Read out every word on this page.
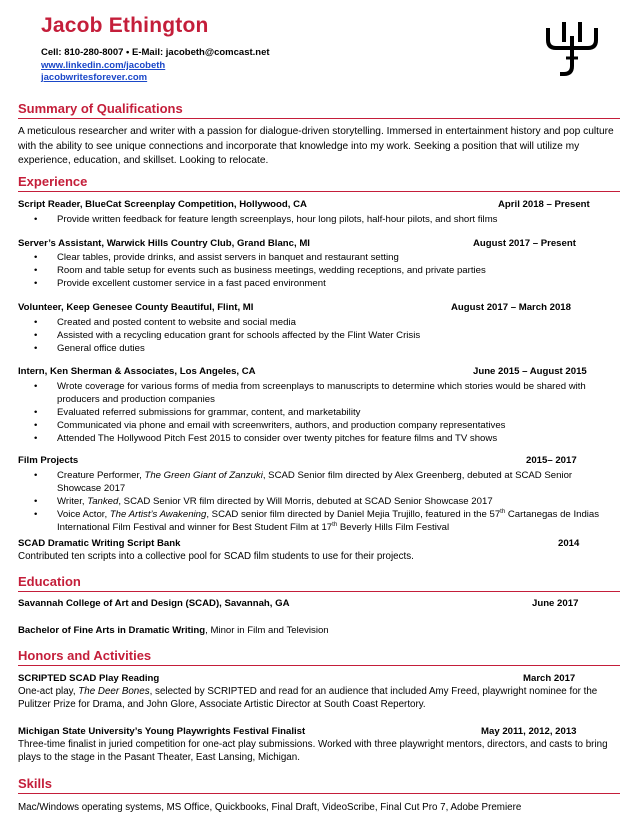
Jacob Ethington
Cell: 810-280-8007 • E-Mail: jacobeth@comcast.net
www.linkedin.com/jacobeth
jacobwritesforever.com
Summary of Qualifications
A meticulous researcher and writer with a passion for dialogue-driven storytelling. Immersed in entertainment history and pop culture with the ability to see unique connections and incorporate that knowledge into my work. Seeking a position that will utilize my experience, education, and skillset. Looking to relocate.
Experience
Script Reader, BlueCat Screenplay Competition, Hollywood, CA	April 2018 – Present
• Provide written feedback for feature length screenplays, hour long pilots, half-hour pilots, and short films
Server’s Assistant, Warwick Hills Country Club, Grand Blanc, MI	August 2017 – Present
• Clear tables, provide drinks, and assist servers in banquet and restaurant setting
• Room and table setup for events such as business meetings, wedding receptions, and private parties
• Provide excellent customer service in a fast paced environment
Volunteer, Keep Genesee County Beautiful, Flint, MI	August 2017 – March 2018
• Created and posted content to website and social media
• Assisted with a recycling education grant for schools affected by the Flint Water Crisis
• General office duties
Intern, Ken Sherman & Associates, Los Angeles, CA	June 2015 – August 2015
• Wrote coverage for various forms of media from screenplays to manuscripts to determine which stories would be shared with producers and production companies
• Evaluated referred submissions for grammar, content, and marketability
• Communicated via phone and email with screenwriters, authors, and production company representatives
• Attended The Hollywood Pitch Fest 2015 to consider over twenty pitches for feature films and TV shows
Film Projects	2015– 2017
• Creature Performer, The Green Giant of Zanzuki, SCAD Senior film directed by Alex Greenberg, debuted at SCAD Senior Showcase 2017
• Writer, Tanked, SCAD Senior VR film directed by Will Morris, debuted at SCAD Senior Showcase 2017
• Voice Actor, The Artist’s Awakening, SCAD senior film directed by Daniel Mejia Trujillo, featured in the 57th Cartanegas de Indias International Film Festival and winner for Best Student Film at 17th Beverly Hills Film Festival
SCAD Dramatic Writing Script Bank	2014
Contributed ten scripts into a collective pool for SCAD film students to use for their projects.
Education
Savannah College of Art and Design (SCAD), Savannah, GA	June 2017
Bachelor of Fine Arts in Dramatic Writing, Minor in Film and Television
Honors and Activities
SCRIPTED SCAD Play Reading	March 2017
One-act play, The Deer Bones, selected by SCRIPTED and read for an audience that included Amy Freed, playwright nominee for the Pulitzer Prize for Drama, and John Glore, Associate Artistic Director at South Coast Repertory.
Michigan State University’s Young Playwrights Festival Finalist	May 2011, 2012, 2013
Three-time finalist in juried competition for one-act play submissions. Worked with three playwright mentors, directors, and casts to bring plays to the stage in the Pasant Theater, East Lansing, Michigan.
Skills
Mac/Windows operating systems, MS Office, Quickbooks, Final Draft, VideoScribe, Final Cut Pro 7, Adobe Premiere
